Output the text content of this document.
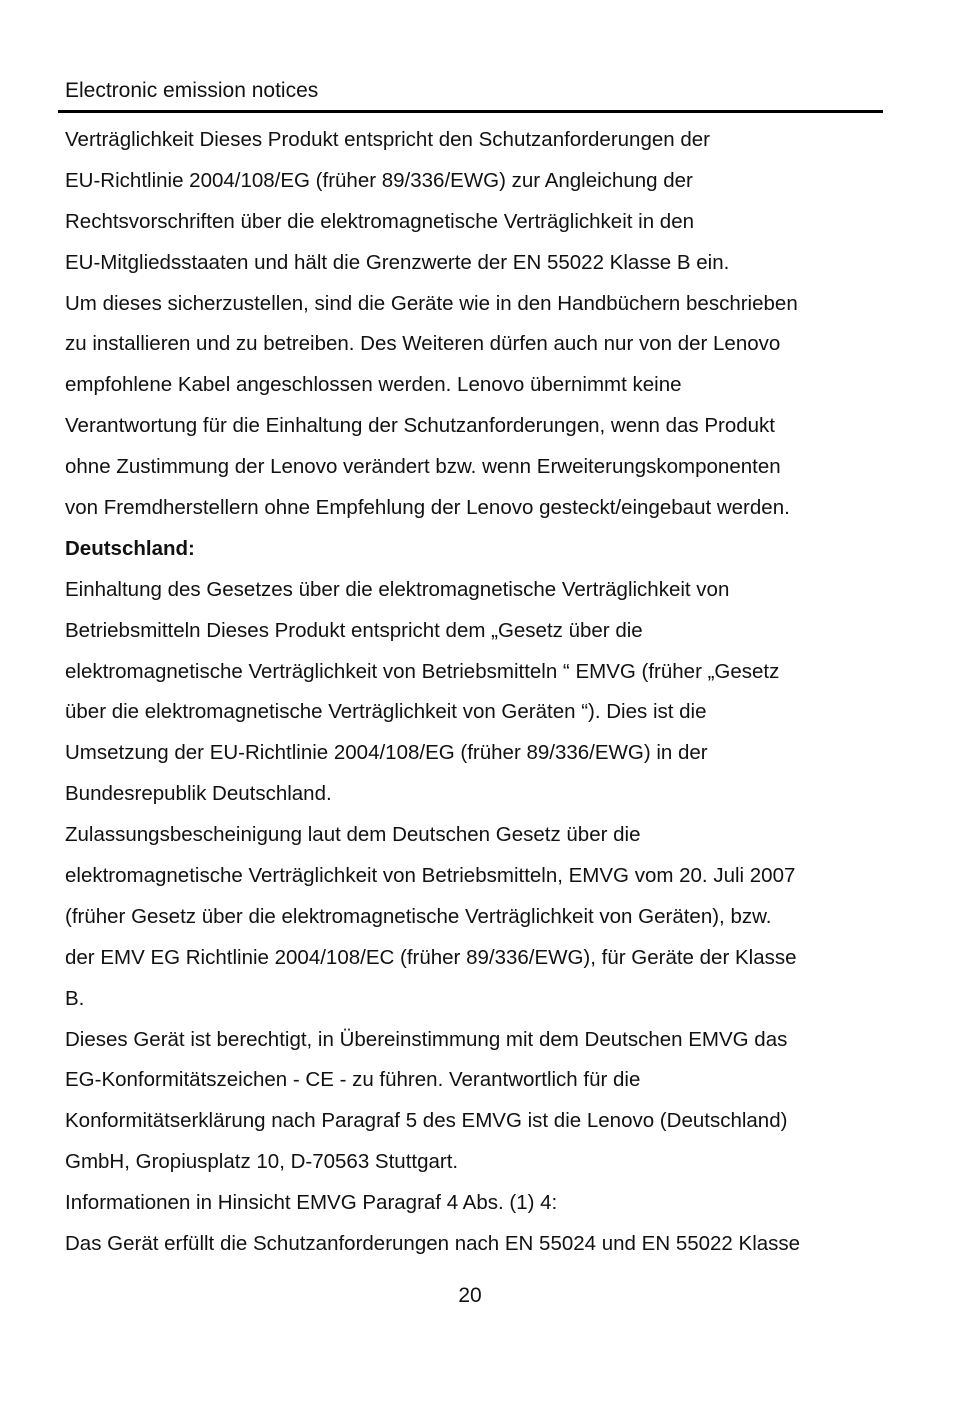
Electronic emission notices
Verträglichkeit Dieses Produkt entspricht den Schutzanforderungen der
EU-Richtlinie 2004/108/EG (früher 89/336/EWG) zur Angleichung der
Rechtsvorschriften über die elektromagnetische Verträglichkeit in den
EU-Mitgliedsstaaten und hält die Grenzwerte der EN 55022 Klasse B ein.
Um dieses sicherzustellen, sind die Geräte wie in den Handbüchern beschrieben
zu installieren und zu betreiben. Des Weiteren dürfen auch nur von der Lenovo
empfohlene Kabel angeschlossen werden. Lenovo übernimmt keine
Verantwortung für die Einhaltung der Schutzanforderungen, wenn das Produkt
ohne Zustimmung der Lenovo verändert bzw. wenn Erweiterungskomponenten
von Fremdherstellern ohne Empfehlung der Lenovo gesteckt/eingebaut werden.
Deutschland:
Einhaltung des Gesetzes über die elektromagnetische Verträglichkeit von
Betriebsmitteln Dieses Produkt entspricht dem „Gesetz über die
elektromagnetische Verträglichkeit von Betriebsmitteln “ EMVG (früher „Gesetz
über die elektromagnetische Verträglichkeit von Geräten “). Dies ist die
Umsetzung der EU-Richtlinie 2004/108/EG (früher 89/336/EWG) in der
Bundesrepublik Deutschland.
Zulassungsbescheinigung laut dem Deutschen Gesetz über die
elektromagnetische Verträglichkeit von Betriebsmitteln, EMVG vom 20. Juli 2007
(früher Gesetz über die elektromagnetische Verträglichkeit von Geräten), bzw.
der EMV EG Richtlinie 2004/108/EC (früher 89/336/EWG), für Geräte der Klasse
B.
Dieses Gerät ist berechtigt, in Übereinstimmung mit dem Deutschen EMVG das
EG-Konformitätszeichen - CE - zu führen. Verantwortlich für die
Konformitätserklärung nach Paragraf 5 des EMVG ist die Lenovo (Deutschland)
GmbH, Gropiusplatz 10, D-70563 Stuttgart.
Informationen in Hinsicht EMVG Paragraf 4 Abs. (1) 4:
Das Gerät erfüllt die Schutzanforderungen nach EN 55024 und EN 55022 Klasse
20
